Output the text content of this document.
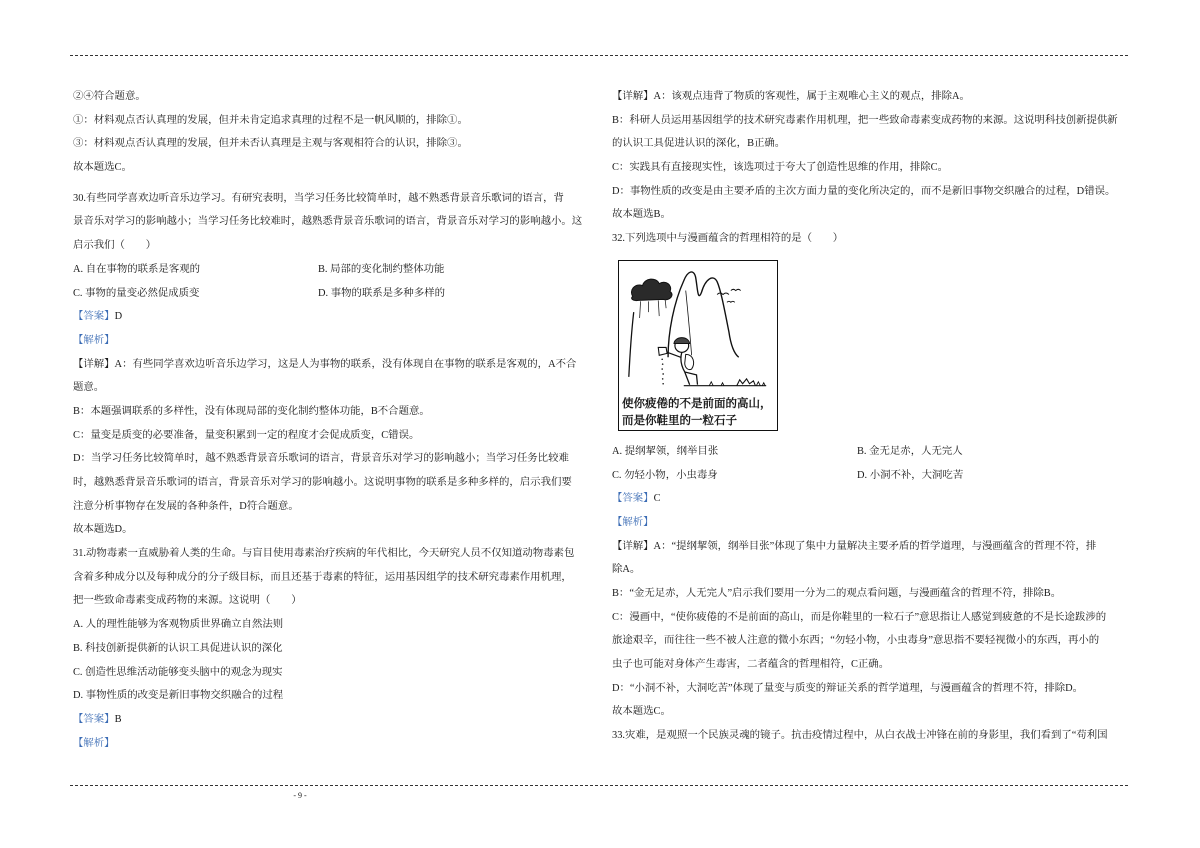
②④符合题意。
①：材料观点否认真理的发展，但并未肯定追求真理的过程不是一帆风顺的，排除①。
③：材料观点否认真理的发展，但并未否认真理是主观与客观相符合的认识，排除③。
故本题选C。
30.有些同学喜欢边听音乐边学习。有研究表明，当学习任务比较简单时，越不熟悉背景音乐歌词的语言，背
景音乐对学习的影响越小；当学习任务比较难时，越熟悉背景音乐歌词的语言，背景音乐对学习的影响越小。这
启示我们（　　）
A. 自在事物的联系是客观的	B. 局部的变化制约整体功能
C. 事物的量变必然促成质变	D. 事物的联系是多种多样的
【答案】D
【解析】
【详解】A：有些同学喜欢边听音乐边学习，这是人为事物的联系，没有体现自在事物的联系是客观的，A不合
题意。
B：本题强调联系的多样性，没有体现局部的变化制约整体功能，B不合题意。
C：量变是质变的必要准备，量变积累到一定的程度才会促成质变，C错误。
D：当学习任务比较简单时，越不熟悉背景音乐歌词的语言，背景音乐对学习的影响越小；当学习任务比较难
时，越熟悉背景音乐歌词的语言，背景音乐对学习的影响越小。这说明事物的联系是多种多样的，启示我们要
注意分析事物存在发展的各种条件，D符合题意。
故本题选D。
31.动物毒素一直威胁着人类的生命。与盲目使用毒素治疗疾病的年代相比，今天研究人员不仅知道动物毒素包
含着多种成分以及每种成分的分子级目标，而且还基于毒素的特征，运用基因组学的技术研究毒素作用机理，
把一些致命毒素变成药物的来源。这说明（　　）
A. 人的理性能够为客观物质世界确立自然法则
B. 科技创新提供新的认识工具促进认识的深化
C. 创造性思维活动能够变头脑中的观念为现实
D. 事物性质的改变是新旧事物交织融合的过程
【答案】B
【解析】
【详解】A：该观点违背了物质的客观性，属于主观唯心主义的观点，排除A。
B：科研人员运用基因组学的技术研究毒素作用机理，把一些致命毒素变成药物的来源。这说明科技创新提供新
的认识工具促进认识的深化，B正确。
C：实践具有直接现实性，该选项过于夸大了创造性思维的作用，排除C。
D：事物性质的改变是由主要矛盾的主次方面力量的变化所决定的，而不是新旧事物交织融合的过程，D错误。
故本题选B。
32.下列选项中与漫画蕴含的哲理相符的是（　　）
使你疲倦的不是前面的高山，
而是你鞋里的一粒石子
A. 提纲挈领，纲举目张	B. 金无足赤，人无完人
C. 勿轻小物，小虫毒身	D. 小洞不补，大洞吃苦
【答案】C
【解析】
【详解】A：“提纲挈领，纲举目张”体现了集中力量解决主要矛盾的哲学道理，与漫画蕴含的哲理不符，排
除A。
B：“金无足赤，人无完人”启示我们要用一分为二的观点看问题，与漫画蕴含的哲理不符，排除B。
C：漫画中，“使你疲倦的不是前面的高山，而是你鞋里的一粒石子”意思指让人感觉到疲惫的不是长途跋涉的
旅途艰辛，而往往一些不被人注意的微小东西；“勿轻小物，小虫毒身”意思指不要轻视微小的东西，再小的
虫子也可能对身体产生毒害，二者蕴含的哲理相符，C正确。
D：“小洞不补，大洞吃苦”体现了量变与质变的辩证关系的哲学道理，与漫画蕴含的哲理不符，排除D。
故本题选C。
33.灾难，是观照一个民族灵魂的镜子。抗击疫情过程中，从白衣战士冲锋在前的身影里，我们看到了“苟利国
- 9 -
